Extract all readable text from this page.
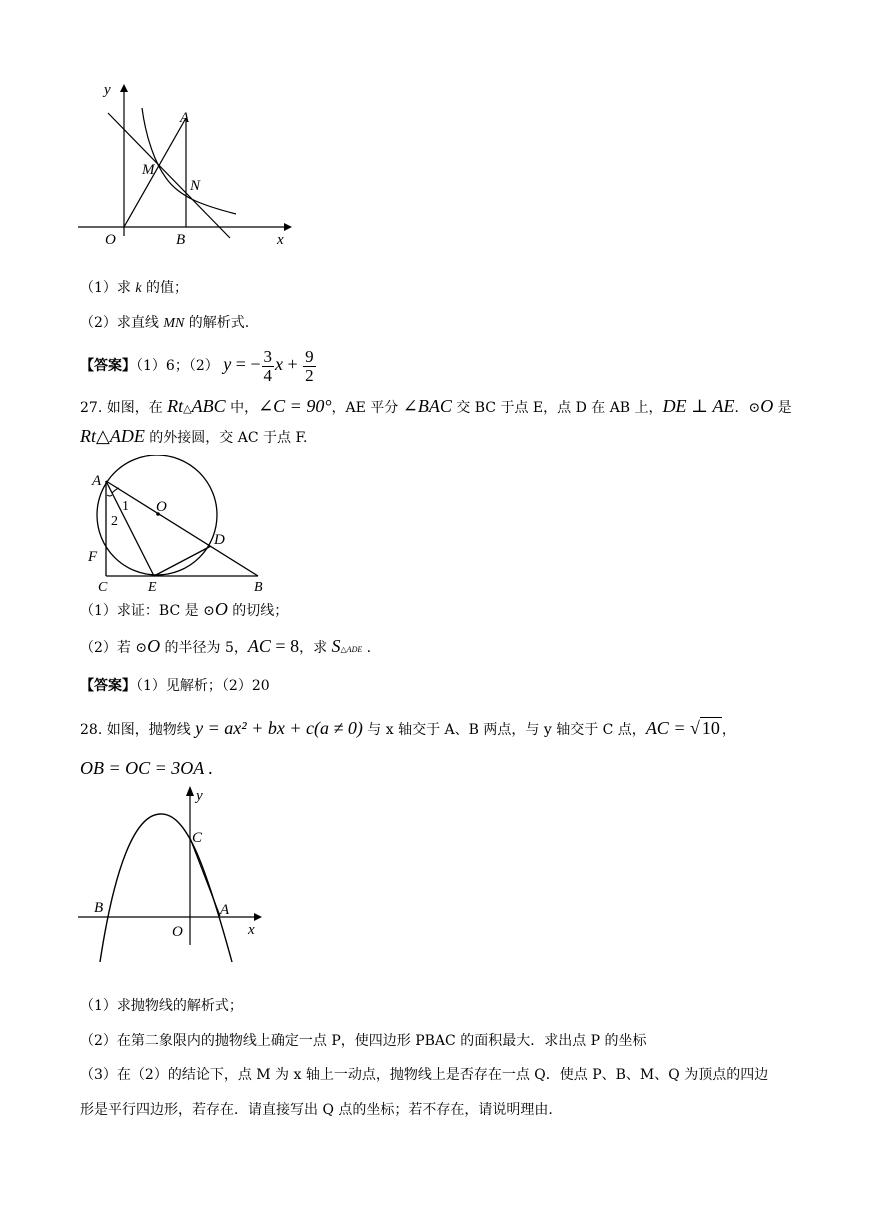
y
A
M
N
O	B	x
（1）求 k 的值；
（2）求直线 MN 的解析式.
【答案】（1）6；（2） y = − $\frac{3}{4}$ $x + \frac{9}{2}$
27. 如图，在 Rt△ABC 中，∠C = 90°，AE 平分 ∠BAC 交 BC 于点 E，点 D 在 AB 上，DE ⊥ AE．⊙O 是
Rt△ADE 的外接圆，交 AC 于点 F.
A
O
1
2
D
F
C	E	B
（1）求证：BC 是 ⊙O 的切线；
（2）若 ⊙O 的半径为 5，AC = 8，求 S△ADE .
【答案】（1）见解析；（2）20
28. 如图，抛物线 y = ax² + bx + c(a ≠ 0) 与 x 轴交于 A、B 两点，与 y 轴交于 C 点，AC = √ 10 ，
OB = OC = 3OA .
y
C
B	A
O	x
（1）求抛物线的解析式；
（2）在第二象限内的抛物线上确定一点 P，使四边形 PBAC 的面积最大．求出点 P 的坐标
（3）在（2）的结论下，点 M 为 x 轴上一动点，抛物线上是否存在一点 Q．使点 P、B、M、Q 为顶点的四边
形是平行四边形，若存在．请直接写出 Q 点的坐标；若不存在，请说明理由.
